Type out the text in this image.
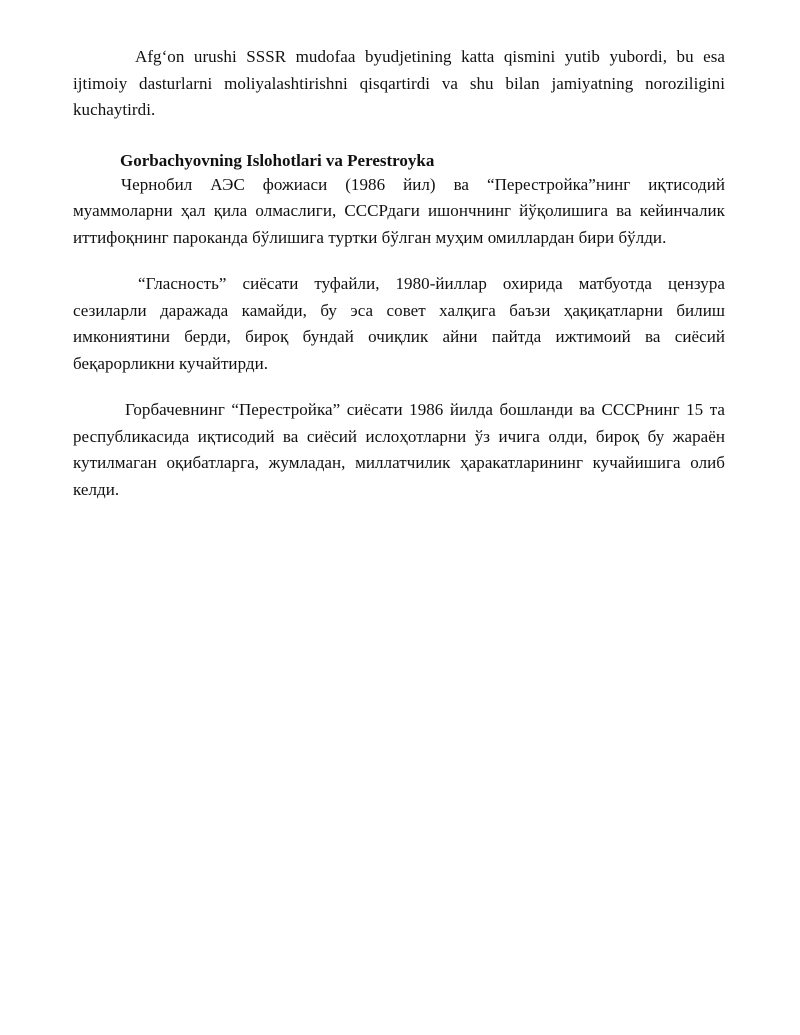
Afg‘on urushi SSSR mudofaa byudjetining katta qismini yutib yubordi, bu esa ijtimoiy dasturlarni moliyalashtirishni qisqartirdi va shu bilan jamiyatning noroziligini kuchaytirdi.

Gorbachyovning Islohotlari va Perestroyka

Чернобил АЭС фожиаси (1986 йил) ва “Перестройка”нинг иқтисодий муаммоларни ҳал қила олмаслиги, СССРдаги ишончнинг йўқолишига ва кейинчалик иттифоқнинг пароканда бўлишига туртки бўлган муҳим омиллардан бири бўлди.

“Гласность” сиёсати туфайли, 1980-йиллар охирида матбуотда цензура сезиларли даражада камайди, бу эса совет халқига баъзи ҳақиқатларни билиш имкониятини берди, бироқ бундай очиқлик айни пайтда ижтимоий ва сиёсий беқарорликни кучайтирди.

Горбачевнинг “Перестройка” сиёсати 1986 йилда бошланди ва СССРнинг 15 та республикасида иқтисодий ва сиёсий ислоҳотларни ўз ичига олди, бироқ бу жараён кутилмаган оқибатларга, жумладан, миллатчилик ҳаракатларининг кучайишига олиб келди.
